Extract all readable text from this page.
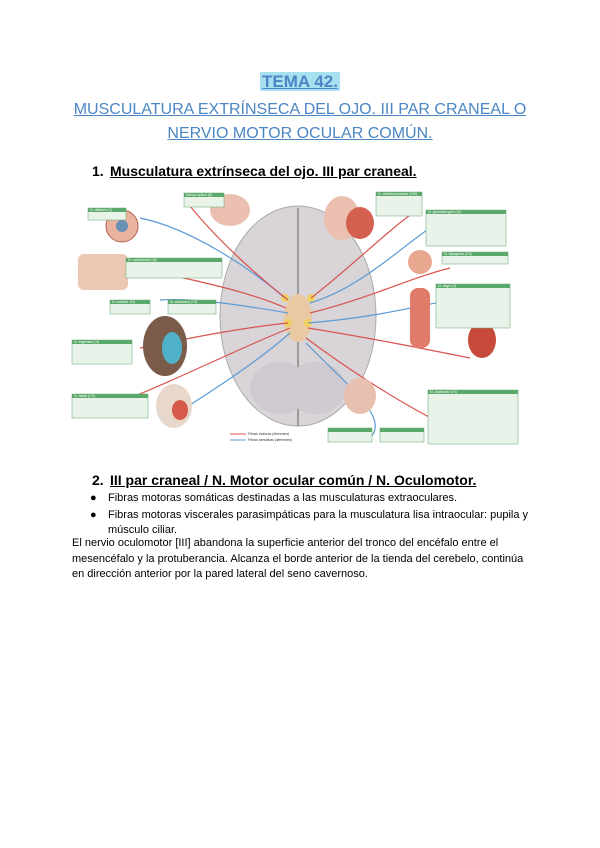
TEMA 42.
MUSCULATURA EXTRÍNSECA DEL OJO. III PAR CRANEAL O NERVIO MOTOR OCULAR COMÚN.
1. Musculatura extrínseca del ojo. III par craneal.
N. olfatorio (I)
Nervio óptico (II)
N. oculomotor (III)
N. troclear (IV)	N. abducens (VI)
N. trigémino (V)
N. facial (VII)
N. vestibulococlear (VIII)
N. glosofaríngeo (IX)
N. hipogloso (XII)
N. vago (X)
N. accesorio (XI)
Fibras motoras (eferentes)
Fibras sensitivas (aferentes)
2. III par craneal / N. Motor ocular común / N. Oculomotor.
● Fibras motoras somáticas destinadas a las musculaturas extraoculares.
● Fibras motoras viscerales parasimpáticas para la musculatura lisa intraocular: pupila y músculo ciliar.
El nervio oculomotor [III] abandona la superficie anterior del tronco del encéfalo entre el mesencéfalo y la protuberancia. Alcanza el borde anterior de la tienda del cerebelo, continúa en dirección anterior por la pared lateral del seno cavernoso.
